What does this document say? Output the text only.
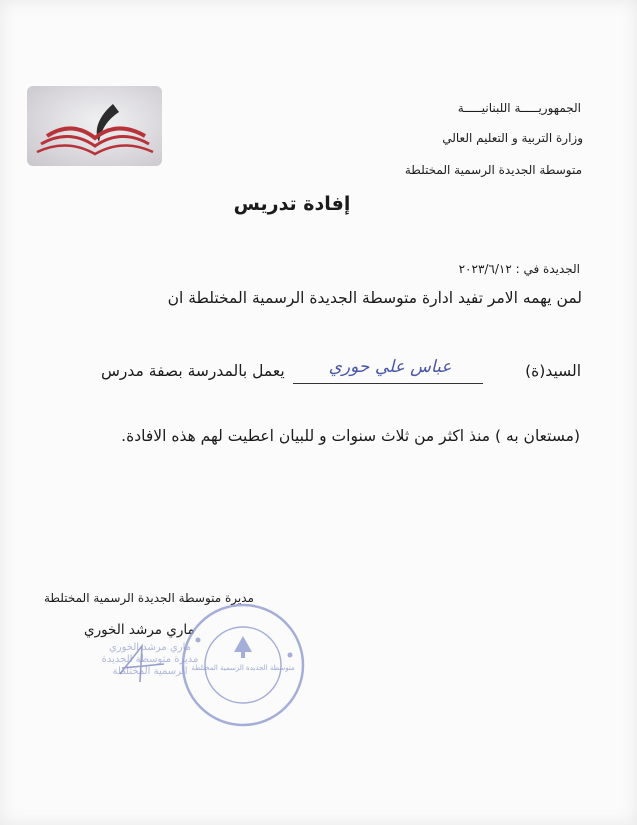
الجمهوريـــــة اللبنانيـــــة
وزارة التربية و التعليم العالي
متوسطة الجديدة الرسمية المختلطة
إفادة تدريس
الجديدة في : ٢٠٢٣/٦/١٢
لمن يهمه الامر تفيد ادارة متوسطة الجديدة الرسمية المختلطة ان
السيد(ة)
عباس علي حوري
يعمل بالمدرسة بصفة مدرس
(مستعان به ) منذ اكثر من ثلاث سنوات و للبيان اعطيت لهم هذه الافادة.
مديرة متوسطة الجديدة الرسمية المختلطة
ماري مرشد الخوري
ماري مرشد الخوري
مديرة متوسطة الجديدة
الرسمية المختلطة متوسطة الجديدة الرسمية المختلطة
